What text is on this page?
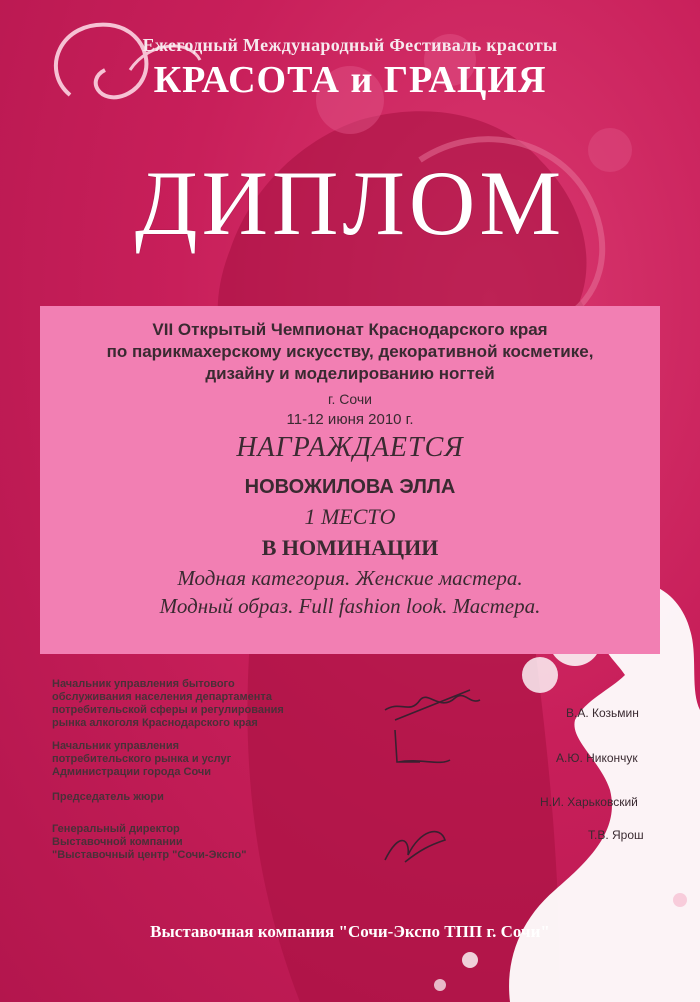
Ежегодный Международный Фестиваль красоты
КРАСОТА и ГРАЦИЯ
ДИПЛОМ
VII Открытый Чемпионат Краснодарского края
по парикмахерскому искусству, декоративной косметике,
дизайну и моделированию ногтей
г. Сочи
11-12 июня 2010 г.
НАГРАЖДАЕТСЯ
НОВОЖИЛОВА ЭЛЛА
1 МЕСТО
В НОМИНАЦИИ
Модная категория. Женские мастера.
Модный образ. Full fashion look. Мастера.
Начальник управления бытового
обслуживания населения департамента
потребительской сферы и регулирования
рынка алкоголя Краснодарского края
Начальник управления
потребительского рынка и услуг
Администрации города Сочи
Председатель жюри
Генеральный директор
Выставочной компании
"Выставочный центр "Сочи-Экспо"
В.А. Козьмин
А.Ю. Никончук
Н.И. Харьковский
Т.В. Ярош
Выставочная компания "Сочи-Экспо ТПП г. Сочи"
